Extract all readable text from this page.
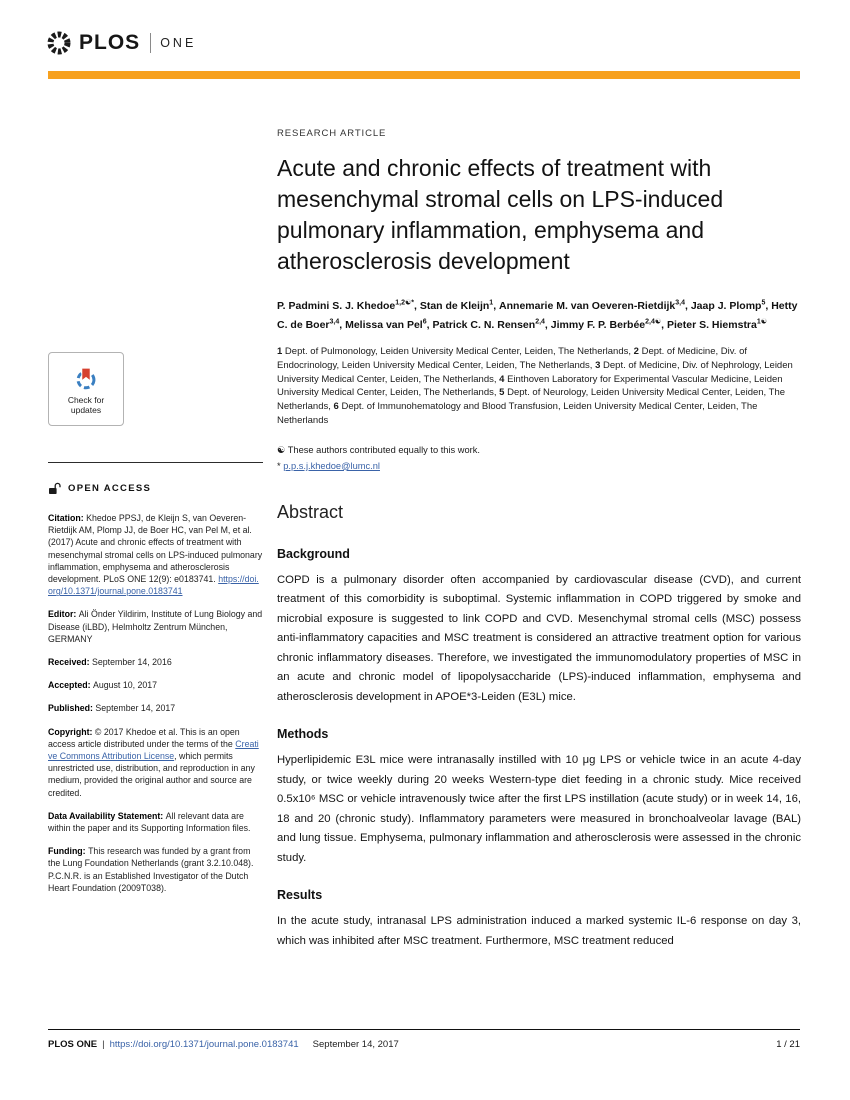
PLOS ONE
Check for updates
OPEN ACCESS

Citation: Khedoe PPSJ, de Kleijn S, van Oeveren-Rietdijk AM, Plomp JJ, de Boer HC, van Pel M, et al. (2017) Acute and chronic effects of treatment with mesenchymal stromal cells on LPS-induced pulmonary inflammation, emphysema and atherosclerosis development. PLoS ONE 12(9): e0183741. https://doi.org/10.1371/journal.pone.0183741

Editor: Ali Önder Yildirim, Institute of Lung Biology and Disease (iLBD), Helmholtz Zentrum München, GERMANY

Received: September 14, 2016

Accepted: August 10, 2017

Published: September 14, 2017

Copyright: © 2017 Khedoe et al. This is an open access article distributed under the terms of the Creative Commons Attribution License, which permits unrestricted use, distribution, and reproduction in any medium, provided the original author and source are credited.

Data Availability Statement: All relevant data are within the paper and its Supporting Information files.

Funding: This research was funded by a grant from the Lung Foundation Netherlands (grant 3.2.10.048). P.C.N.R. is an Established Investigator of the Dutch Heart Foundation (2009T038).

RESEARCH ARTICLE
Acute and chronic effects of treatment with mesenchymal stromal cells on LPS-induced pulmonary inflammation, emphysema and atherosclerosis development

P. Padmini S. J. Khedoe$^{1,2☯*}$, Stan de Kleijn$^1$, Annemarie M. van Oeveren-Rietdijk$^{3,4}$, Jaap J. Plomp$^5$, Hetty C. de Boer$^{3,4}$, Melissa van Pel$^6$, Patrick C. N. Rensen$^{2,4}$, Jimmy F. P. Berbée$^{2,4☯}$, Pieter S. Hiemstra$^{1☯}$

1 Dept. of Pulmonology, Leiden University Medical Center, Leiden, The Netherlands, 2 Dept. of Medicine, Div. of Endocrinology, Leiden University Medical Center, Leiden, The Netherlands, 3 Dept. of Medicine, Div. of Nephrology, Leiden University Medical Center, Leiden, The Netherlands, 4 Einthoven Laboratory for Experimental Vascular Medicine, Leiden University Medical Center, Leiden, The Netherlands, 5 Dept. of Neurology, Leiden University Medical Center, Leiden, The Netherlands, 6 Dept. of Immunohematology and Blood Transfusion, Leiden University Medical Center, Leiden, The Netherlands

☯ These authors contributed equally to this work.

* p.p.s.j.khedoe@lumc.nl

Abstract
Background

COPD is a pulmonary disorder often accompanied by cardiovascular disease (CVD), and current treatment of this comorbidity is suboptimal. Systemic inflammation in COPD triggered by smoke and microbial exposure is suggested to link COPD and CVD. Mesenchymal stromal cells (MSC) possess anti-inflammatory capacities and MSC treatment is considered an attractive treatment option for various chronic inflammatory diseases. Therefore, we investigated the immunomodulatory properties of MSC in an acute and chronic model of lipopolysaccharide (LPS)-induced inflammation, emphysema and atherosclerosis development in APOE*3-Leiden (E3L) mice.

Methods

Hyperlipidemic E3L mice were intranasally instilled with 10 μg LPS or vehicle twice in an acute 4-day study, or twice weekly during 20 weeks Western-type diet feeding in a chronic study. Mice received 0.5x10⁶ MSC or vehicle intravenously twice after the first LPS instillation (acute study) or in week 14, 16, 18 and 20 (chronic study). Inflammatory parameters were measured in bronchoalveolar lavage (BAL) and lung tissue. Emphysema, pulmonary inflammation and atherosclerosis were assessed in the chronic study.

Results

In the acute study, intranasal LPS administration induced a marked systemic IL-6 response on day 3, which was inhibited after MSC treatment. Furthermore, MSC treatment reduced

PLOS ONE | https://doi.org/10.1371/journal.pone.0183741 September 14, 2017	1 / 21
